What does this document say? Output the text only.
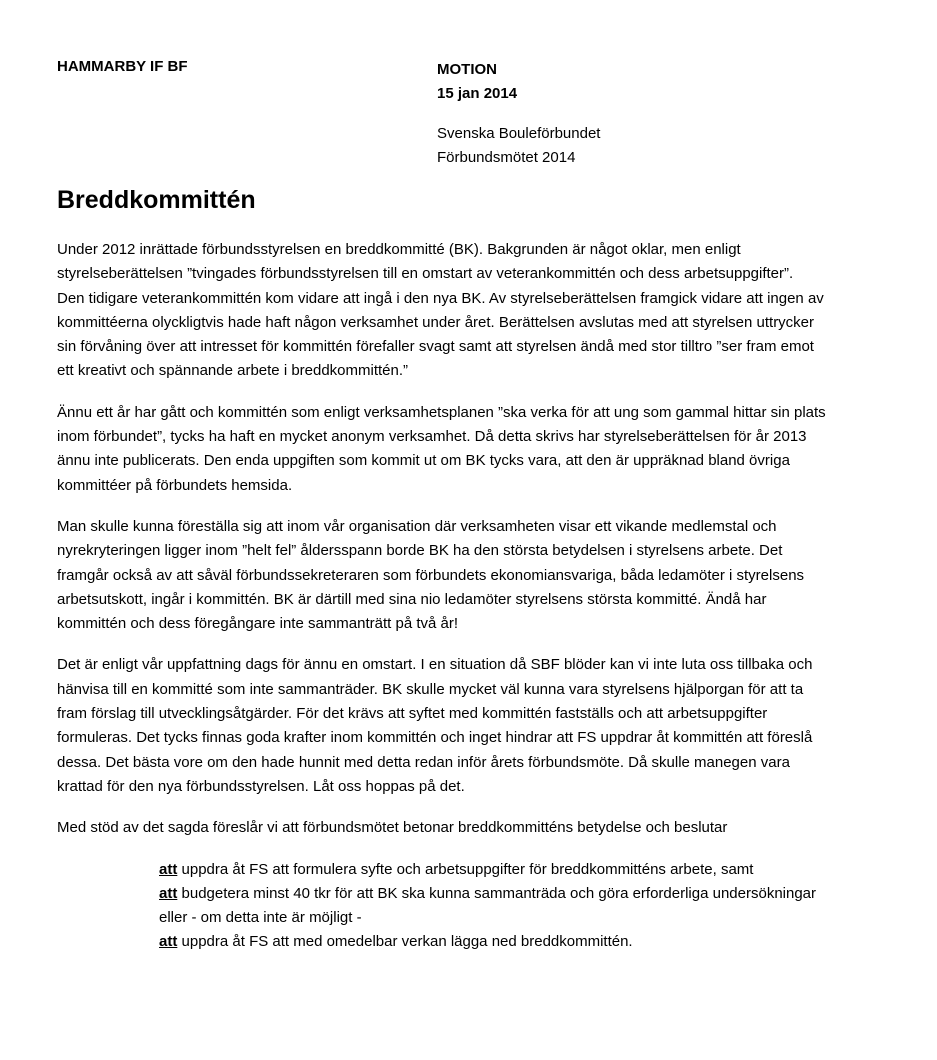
HAMMARBY IF BF	MOTION
15 jan 2014
Svenska Bouleförbundet
Förbundsmötet 2014
Breddkommittén

Under 2012 inrättade förbundsstyrelsen en breddkommitté (BK). Bakgrunden är något oklar, men enligt
styrelseberättelsen ”tvingades förbundsstyrelsen till en omstart av veterankommittén och dess arbetsuppgifter”.
Den tidigare veterankommittén kom vidare att ingå i den nya BK. Av styrelseberättelsen framgick vidare att ingen av
kommittéerna olyckligtvis hade haft någon verksamhet under året. Berättelsen avslutas med att styrelsen uttrycker
sin förvåning över att intresset för kommittén förefaller svagt samt att styrelsen ändå med stor tilltro ”ser fram emot
ett kreativt och spännande arbete i breddkommittén.”

Ännu ett år har gått och kommittén som enligt verksamhetsplanen ”ska verka för att ung som gammal hittar sin plats
inom förbundet”, tycks ha haft en mycket anonym verksamhet. Då detta skrivs har styrelseberättelsen för år 2013
ännu inte publicerats. Den enda uppgiften som kommit ut om BK tycks vara, att den är uppräknad bland övriga
kommittéer på förbundets hemsida.

Man skulle kunna föreställa sig att inom vår organisation där verksamheten visar ett vikande medlemstal och
nyrekryteringen ligger inom ”helt fel” åldersspann borde BK ha den största betydelsen i styrelsens arbete. Det
framgår också av att såväl förbundssekreteraren som förbundets ekonomiansvariga, båda ledamöter i styrelsens
arbetsutskott, ingår i kommittén. BK är därtill med sina nio ledamöter styrelsens största kommitté. Ändå har
kommittén och dess föregångare inte sammanträtt på två år!

Det är enligt vår uppfattning dags för ännu en omstart. I en situation då SBF blöder kan vi inte luta oss tillbaka och
hänvisa till en kommitté som inte sammanträder. BK skulle mycket väl kunna vara styrelsens hjälporgan för att ta
fram förslag till utvecklingsåtgärder. För det krävs att syftet med kommittén fastställs och att arbetsuppgifter
formuleras. Det tycks finnas goda krafter inom kommittén och inget hindrar att FS uppdrar åt kommittén att föreslå
dessa. Det bästa vore om den hade hunnit med detta redan inför årets förbundsmöte. Då skulle manegen vara
krattad för den nya förbundsstyrelsen. Låt oss hoppas på det.

Med stöd av det sagda föreslår vi att förbundsmötet betonar breddkommitténs betydelse och beslutar

att uppdra åt FS att formulera syfte och arbetsuppgifter för breddkommitténs arbete, samt
att budgetera minst 40 tkr för att BK ska kunna sammanträda och göra erforderliga undersökningar
eller - om detta inte är möjligt -
att uppdra åt FS att med omedelbar verkan lägga ned breddkommittén.
